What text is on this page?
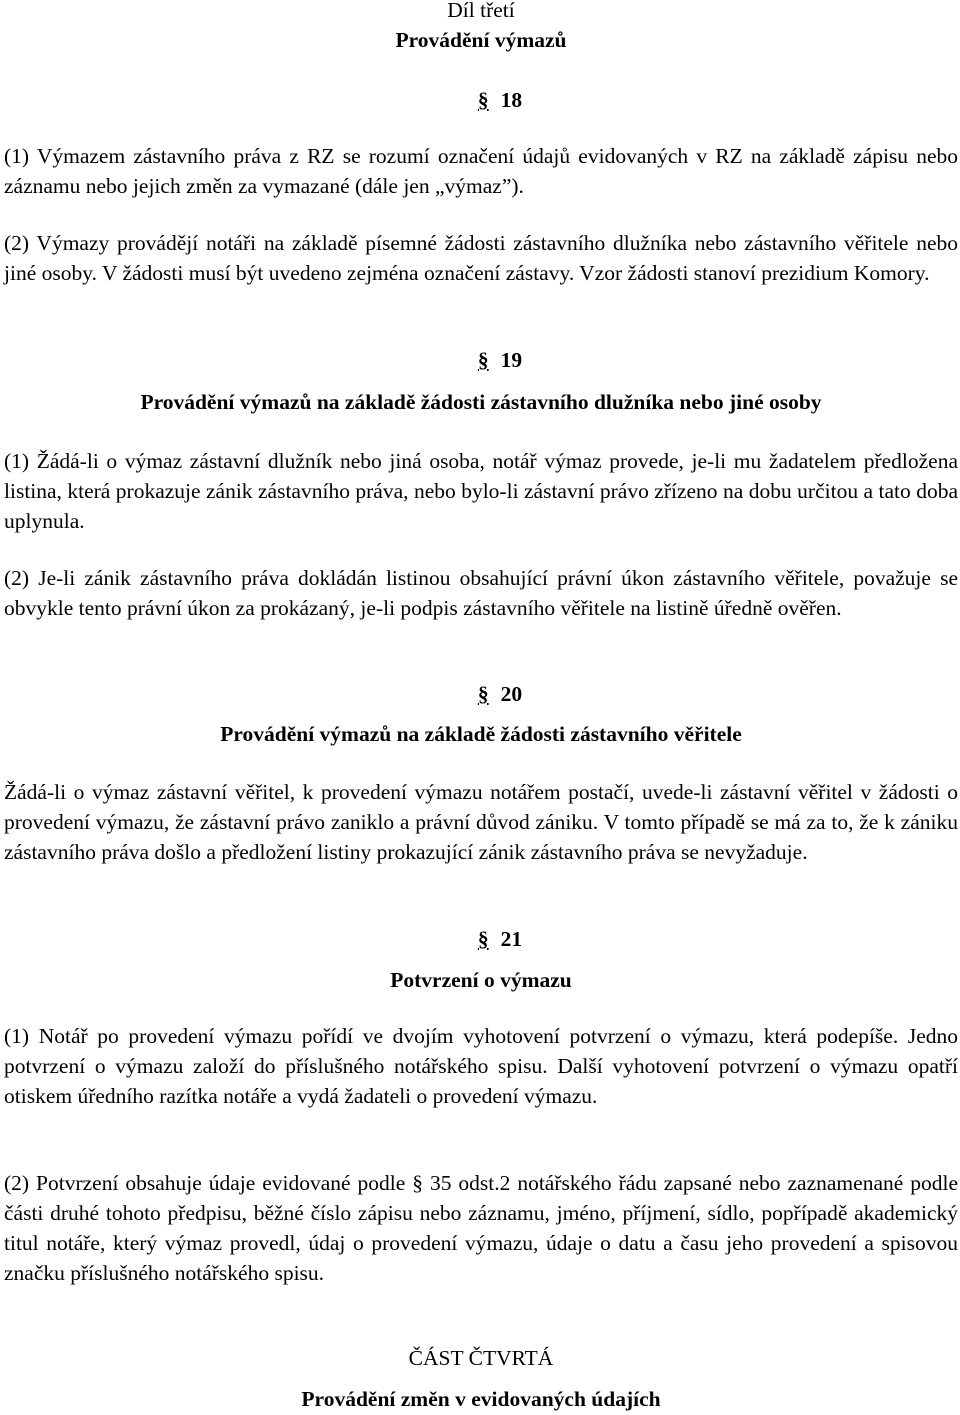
Díl třetí
Provádění výmazů
§ 18
(1) Výmazem zástavního práva z RZ se rozumí označení údajů evidovaných v RZ na základě zápisu nebo záznamu nebo jejich změn za vymazané (dále jen „výmaz”).
(2) Výmazy provádějí notáři na základě písemné žádosti zástavního dlužníka nebo zástavního věřitele nebo jiné osoby. V žádosti musí být uvedeno zejména označení zástavy. Vzor žádosti stanoví prezidium Komory.
§ 19
Provádění výmazů na základě žádosti zástavního dlužníka nebo jiné osoby
(1) Žádá-li o výmaz zástavní dlužník nebo jiná osoba, notář výmaz provede, je-li mu žadatelem předložena listina, která prokazuje zánik zástavního práva, nebo bylo-li zástavní právo zřízeno na dobu určitou a tato doba uplynula.
(2) Je-li zánik zástavního práva dokládán listinou obsahující právní úkon zástavního věřitele, považuje se obvykle tento právní úkon za prokázaný, je-li podpis zástavního věřitele na listině úředně ověřen.
§ 20
Provádění výmazů na základě žádosti zástavního věřitele
Žádá-li o výmaz zástavní věřitel, k provedení výmazu notářem postačí, uvede-li zástavní věřitel v žádosti o provedení výmazu, že zástavní právo zaniklo a právní důvod zániku. V tomto případě se má za to, že k zániku zástavního práva došlo a předložení listiny prokazující zánik zástavního práva se nevyžaduje.
§ 21
Potvrzení o výmazu
(1) Notář po provedení výmazu pořídí ve dvojím vyhotovení potvrzení o výmazu, která podepíše. Jedno potvrzení o výmazu založí do příslušného notářského spisu. Další vyhotovení potvrzení o výmazu opatří otiskem úředního razítka notáře a vydá žadateli o provedení výmazu.
(2) Potvrzení obsahuje údaje evidované podle § 35 odst.2 notářského řádu zapsané nebo zaznamenané podle části druhé tohoto předpisu, běžné číslo zápisu nebo záznamu, jméno, příjmení, sídlo, popřípadě akademický titul notáře, který výmaz provedl, údaj o provedení výmazu, údaje o datu a času jeho provedení a spisovou značku příslušného notářského spisu.
ČÁST ČTVRTÁ
Provádění změn v evidovaných údajích
